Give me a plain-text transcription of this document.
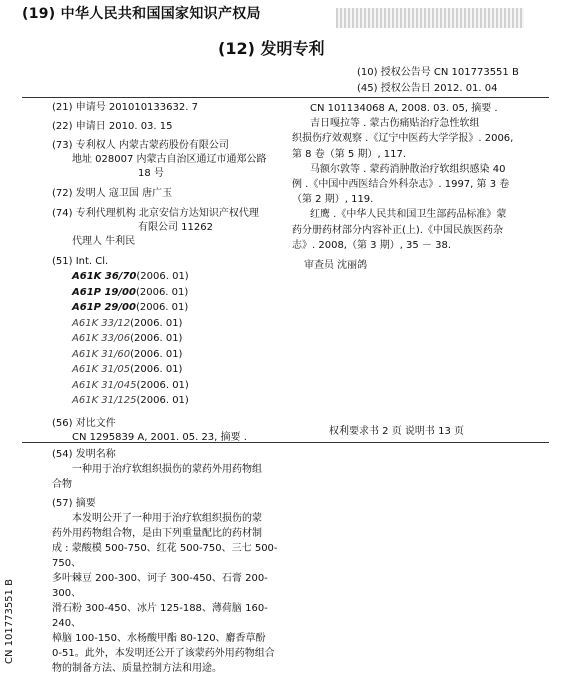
(19) 中华人民共和国国家知识产权局
(12) 发明专利
(10) 授权公告号 CN 101773551 B
(45) 授权公告日 2012. 01. 04
(21) 申请号 201010133632. 7
(22) 申请日 2010. 03. 15
(73) 专利权人 内蒙古蒙药股份有限公司
地址 028007 内蒙古自治区通辽市通郑公路
18 号
(72) 发明人 寇卫国 唐广玉
(74) 专利代理机构 北京安信方达知识产权代理
有限公司 11262
代理人 牛利民
(51) Int. Cl.
A61K 36/70(2006. 01)
A61P 19/00(2006. 01)
A61P 29/00(2006. 01)
A61K 33/12(2006. 01)
A61K 33/06(2006. 01)
A61K 31/60(2006. 01)
A61K 31/05(2006. 01)
A61K 31/045(2006. 01)
A61K 31/125(2006. 01)
(56) 对比文件
CN 1295839 A, 2001. 05. 23, 摘要 .
CN 101134068 A, 2008. 03. 05, 摘要 .
吉日嘎拉等 . 蒙古伤痛贴治疗急性软组
织损伤疗效观察 .《辽宁中医药大学学报》. 2006,
第 8 卷（第 5 期）, 117.
马额尔敦等 . 蒙药消肿散治疗软组织感染 40
例 .《中国中西医结合外科杂志》. 1997, 第 3 卷
（第 2 期）, 119.
红鹰 .《中华人民共和国卫生部药品标准》蒙
药分册药材部分内容补正(上).《中国民族医药杂
志》. 2008,（第 3 期）, 35 － 38.
审查员 沈丽鸽
权利要求书 2 页 说明书 13 页
(54) 发明名称
一种用于治疗软组织损伤的蒙药外用药物组
合物
(57) 摘要
本发明公开了一种用于治疗软组织损伤的蒙
药外用药物组合物，是由下列重量配比的药材制
成 : 蒙酸模 500-750、红花 500-750、三七 500-750、
多叶棘豆 200-300、诃子 300-450、石膏 200-300、
滑石粉 300-450、冰片 125-188、薄荷脑 160-240、
樟脑 100-150、水杨酸甲酯 80-120、麝香草酚
0-51。此外，本发明还公开了该蒙药外用药物组合
物的制备方法、质量控制方法和用途。
CN 101773551 B
